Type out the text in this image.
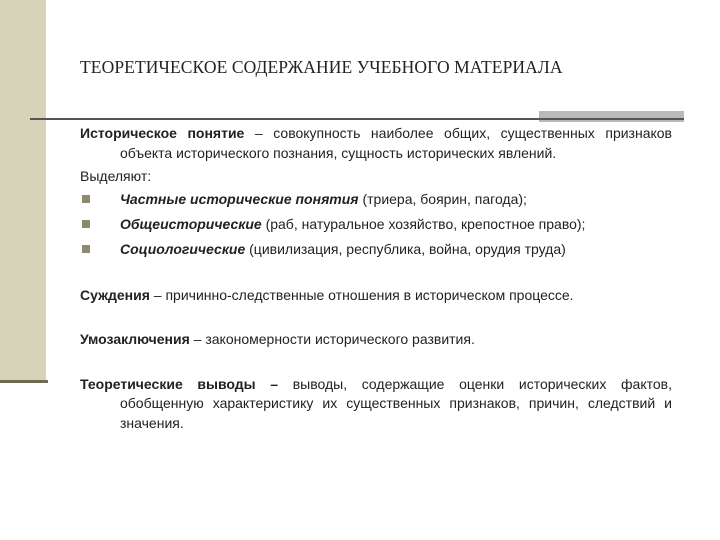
ТЕОРЕТИЧЕСКОЕ СОДЕРЖАНИЕ УЧЕБНОГО МАТЕРИАЛА
Историческое понятие – совокупность наиболее общих, существенных признаков объекта исторического познания, сущность исторических явлений.
Выделяют:
Частные исторические понятия (триера, боярин, пагода);
Общеисторические (раб, натуральное хозяйство, крепостное право);
Социологические (цивилизация, республика, война, орудия труда)
Суждения – причинно-следственные отношения в историческом процессе.
Умозаключения – закономерности исторического развития.
Теоретические выводы – выводы, содержащие оценки исторических фактов, обобщенную характеристику их существенных признаков, причин, следствий и значения.
